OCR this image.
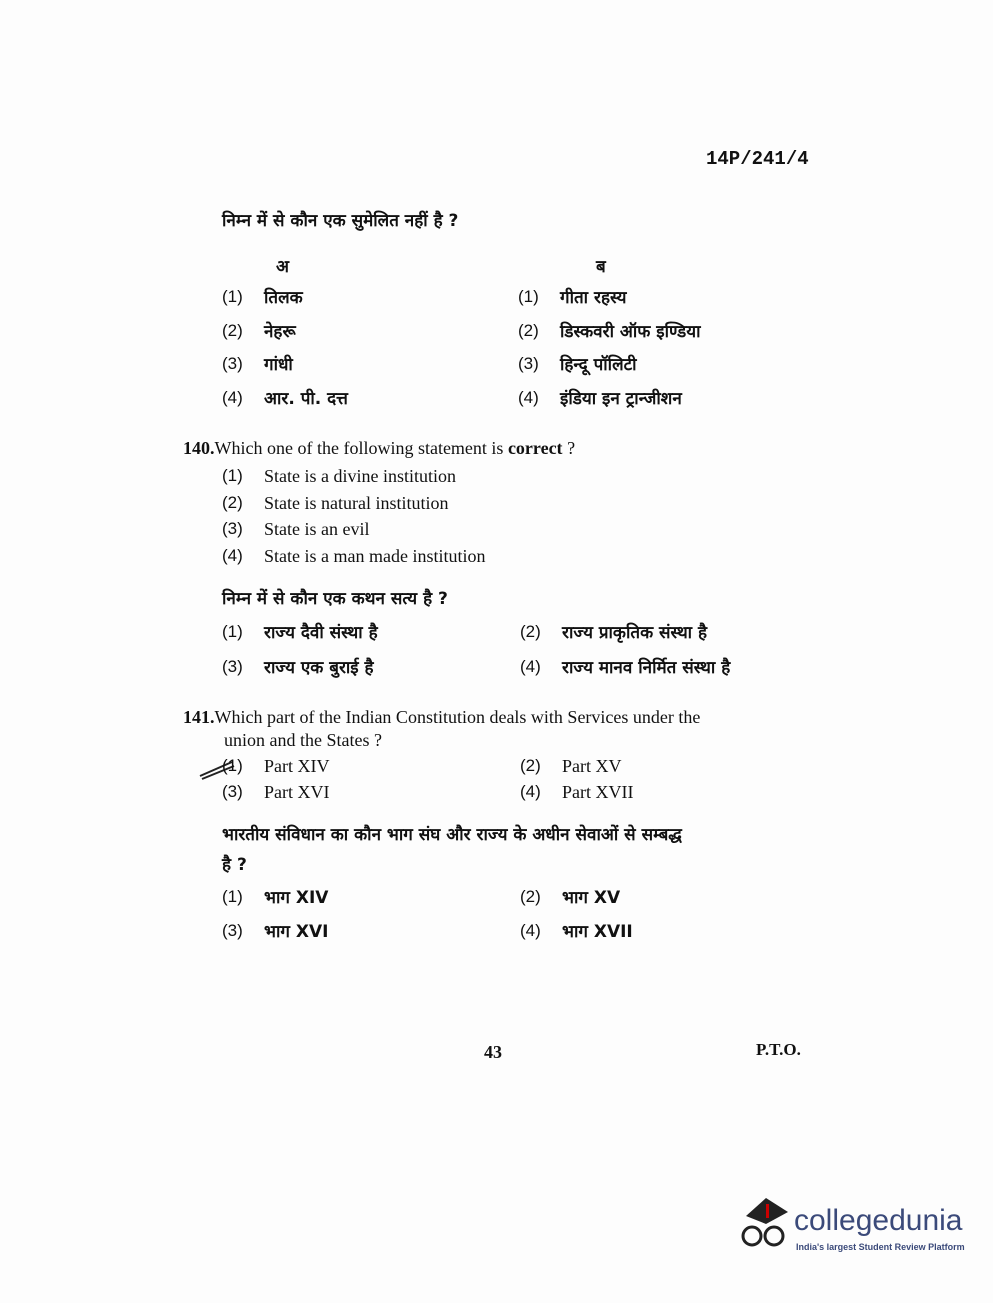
14P/241/4
निम्न में से कौन एक सुमेलित नहीं है ?
अ	ब
140.Which one of the following statement is correct ?
निम्न में से कौन एक कथन सत्य है ?
141.Which part of the Indian Constitution deals with Services under the
union and the States ?
भारतीय संविधान का कौन भाग संघ और राज्य के अधीन सेवाओं से सम्बद्ध
है ?
43	P.T.O.
collegedunia
India's largest Student Review Platform
(1) तिलक	(1) गीता रहस्य
(2) नेहरू	(2) डिस्कवरी ऑफ इण्डिया
(3) गांधी	(3) हिन्दू पॉलिटी
(4) आर. पी. दत्त	(4) इंडिया इन ट्रान्जीशन
(1) State is a divine institution
(2) State is natural institution
(3) State is an evil
(4) State is a man made institution
(1) राज्य दैवी संस्था है	(2) राज्य प्राकृतिक संस्था है
(3) राज्य एक बुराई है	(4) राज्य मानव निर्मित संस्था है
(1) Part XIV	(2) Part XV
(3) Part XVI	(4) Part XVII
(1) भाग XIV	(2) भाग XV
(3) भाग XVI	(4) भाग XVII
